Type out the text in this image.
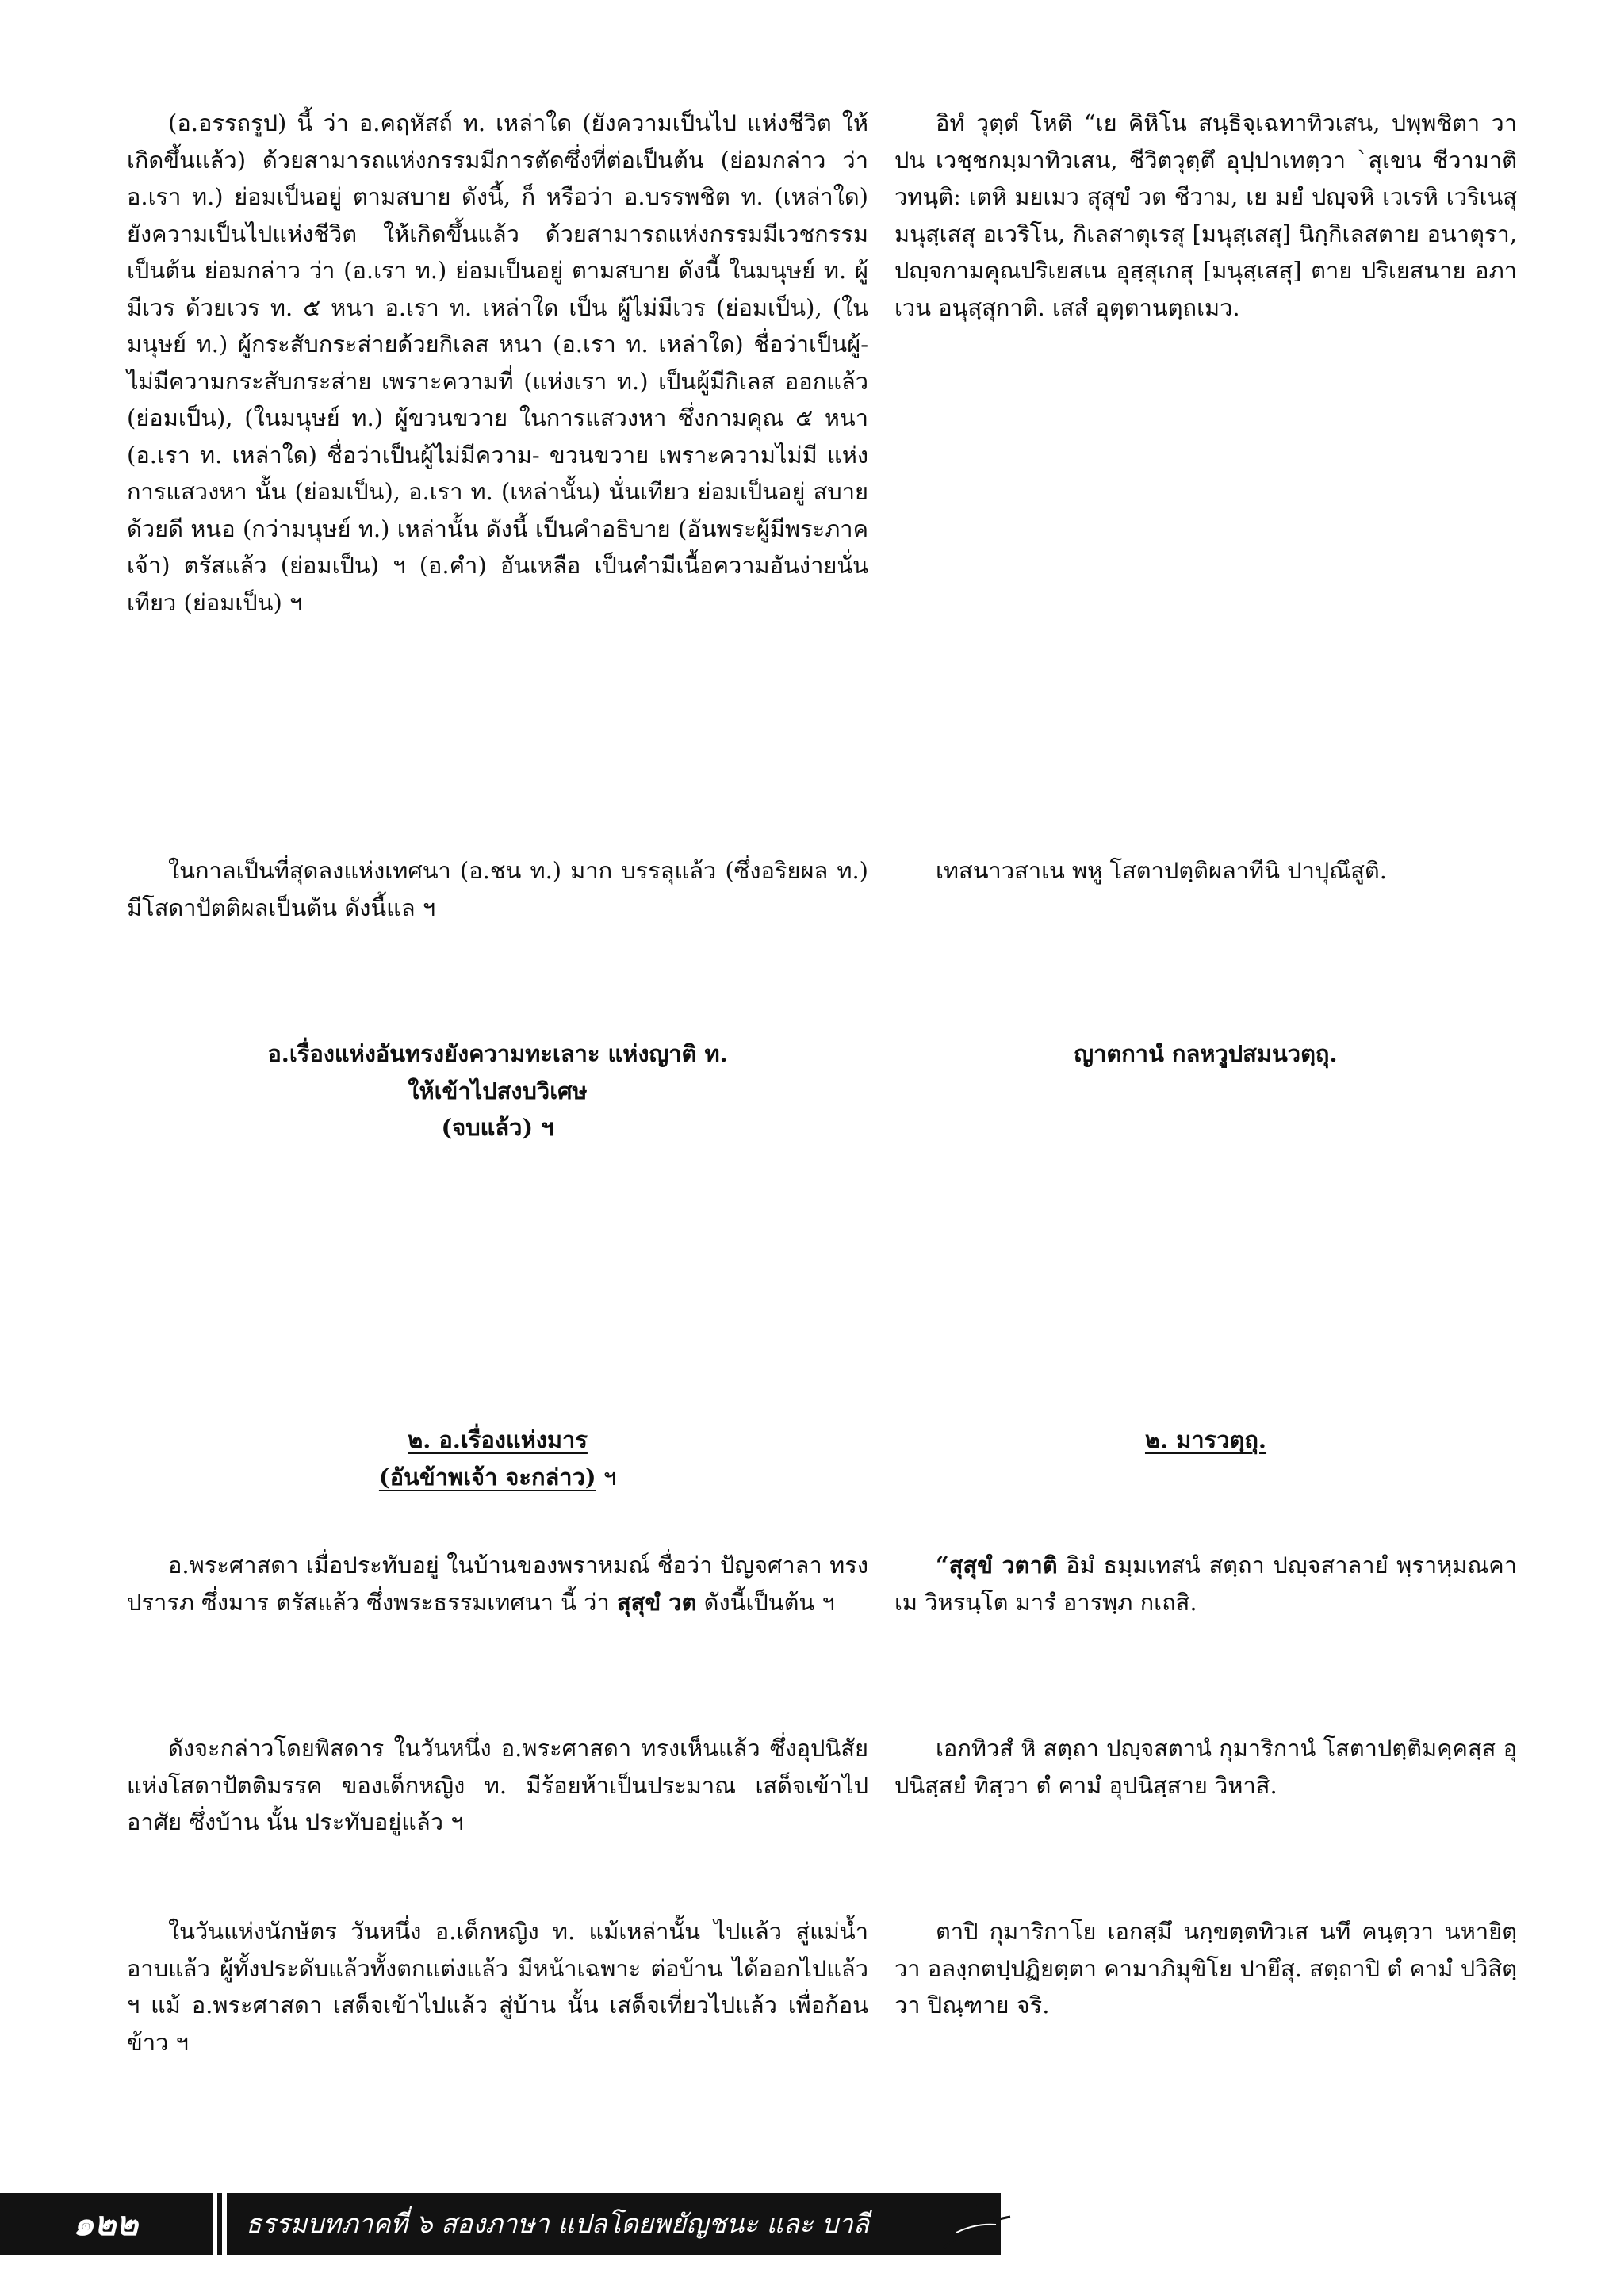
(อ.อรรถรูป) นี้ ว่า อ.คฤหัสถ์ ท. เหล่าใด (ยังความเป็นไป แห่งชีวิต ให้เกิดขึ้นแล้ว) ด้วยสามารถแห่งกรรมมีการตัดซึ่งที่ต่อเป็นต้น (ย่อมกล่าว ว่า อ.เรา ท.) ย่อมเป็นอยู่ ตามสบาย ดังนี้, ก็ หรือว่า อ.บรรพชิต ท. (เหล่าใด) ยังความเป็นไปแห่งชีวิต ให้เกิดขึ้นแล้ว ด้วยสามารถแห่งกรรมมีเวชกรรมเป็นต้น ย่อมกล่าว ว่า (อ.เรา ท.) ย่อมเป็นอยู่ ตามสบาย ดังนี้ ในมนุษย์ ท. ผู้มีเวร ด้วยเวร ท. ๕ หนา อ.เรา ท. เหล่าใด เป็น ผู้ไม่มีเวร (ย่อมเป็น), (ในมนุษย์ ท.) ผู้กระสับกระส่ายด้วยกิเลส หนา (อ.เรา ท. เหล่าใด) ชื่อว่าเป็นผู้- ไม่มีความกระสับกระส่าย เพราะความที่ (แห่งเรา ท.) เป็นผู้มีกิเลส ออกแล้ว (ย่อมเป็น), (ในมนุษย์ ท.) ผู้ขวนขวาย ในการแสวงหา ซึ่งกามคุณ ๕ หนา (อ.เรา ท. เหล่าใด) ชื่อว่าเป็นผู้ไม่มีความ- ขวนขวาย เพราะความไม่มี แห่งการแสวงหา นั้น (ย่อมเป็น), อ.เรา ท. (เหล่านั้น) นั่นเทียว ย่อมเป็นอยู่ สบายด้วยดี หนอ (กว่ามนุษย์ ท.) เหล่านั้น ดังนี้ เป็นคำอธิบาย (อันพระผู้มีพระภาคเจ้า) ตรัสแล้ว (ย่อมเป็น) ฯ (อ.คำ) อันเหลือ เป็นคำมีเนื้อความอันง่ายนั่นเทียว (ย่อมเป็น) ฯ

ในกาลเป็นที่สุดลงแห่งเทศนา (อ.ชน ท.) มาก บรรลุแล้ว (ซึ่งอริยผล ท.) มีโสดาปัตติผลเป็นต้น ดังนี้แล ฯ

อิทํ วุตฺตํ โหติ “เย คิหิโน สนฺธิจฺเฉทาทิวเสน, ปพฺพชิตา วา ปน เวชฺชกมฺมาทิวเสน, ชีวิตวุตฺตึ อุปฺปาเทตฺวา `สุเขน ชีวามาติ วทนฺติ: เตหิ มยเมว สุสุขํ วต ชีวาม, เย มยํ ปญฺจหิ เวเรหิ เวริเนสุ มนุสฺเสสุ อเวริโน, กิเลสาตุเรสุ [มนุสฺเสสุ] นิกฺกิเลสตาย อนาตุรา, ปญฺจกามคุณปริเยสเน อุสฺสุเกสุ [มนุสฺเสสุ] ตาย ปริเยสนาย อภาเวน อนุสฺสุกาติ. เสสํ อุตฺตานตฺถเมว.

เทสนาวสาเน พหู โสตาปตฺติผลาทีนิ ปาปุณึสูติ.

อ.เรื่องแห่งอันทรงยังความทะเลาะ แห่งญาติ ท.
ให้เข้าไปสงบวิเศษ
(จบแล้ว) ฯ
ญาตกานํ กลหวูปสมนวตฺถุ.
๒. อ.เรื่องแห่งมาร
(อันข้าพเจ้า จะกล่าว) ฯ
๒. มารวตฺถุ.

อ.พระศาสดา เมื่อประทับอยู่ ในบ้านของพราหมณ์ ชื่อว่า ปัญจศาลา ทรงปรารภ ซึ่งมาร ตรัสแล้ว ซึ่งพระธรรมเทศนา นี้ ว่า สุสุขํ วต ดังนี้เป็นต้น ฯ

ดังจะกล่าวโดยพิสดาร ในวันหนึ่ง อ.พระศาสดา ทรงเห็นแล้ว ซึ่งอุปนิสัย แห่งโสดาปัตติมรรค ของเด็กหญิง ท. มีร้อยห้าเป็นประมาณ เสด็จเข้าไปอาศัย ซึ่งบ้าน นั้น ประทับอยู่แล้ว ฯ

ในวันแห่งนักษัตร วันหนึ่ง อ.เด็กหญิง ท. แม้เหล่านั้น ไปแล้ว สู่แม่น้ำ อาบแล้ว ผู้ทั้งประดับแล้วทั้งตกแต่งแล้ว มีหน้าเฉพาะ ต่อบ้าน ได้ออกไปแล้ว ฯ แม้ อ.พระศาสดา เสด็จเข้าไปแล้ว สู่บ้าน นั้น เสด็จเที่ยวไปแล้ว เพื่อก้อนข้าว ฯ

“สุสุขํ วตาติ อิมํ ธมฺมเทสนํ สตฺถา ปญฺจสาลายํ พฺราหฺมณคาเม วิหรนฺโต มารํ อารพฺภ กเถสิ.

เอกทิวสํ หิ สตฺถา ปญฺจสตานํ กุมาริกานํ โสตาปตฺติมคฺคสฺส อุปนิสฺสยํ ทิสฺวา ตํ คามํ อุปนิสฺสาย วิหาสิ.

ตาปิ กุมาริกาโย เอกสฺมึ นกฺขตฺตทิวเส นทึ คนฺตฺวา นหายิตฺวา อลงฺกตปฺปฏิยตฺตา คามาภิมุขิโย ปายึสุ. สตฺถาปิ ตํ คามํ ปวิสิตฺวา ปิณฺฑาย จริ.

๑๒๒	ธรรมบทภาคที่ ๖ สองภาษา แปลโดยพยัญชนะ และ บาลี
